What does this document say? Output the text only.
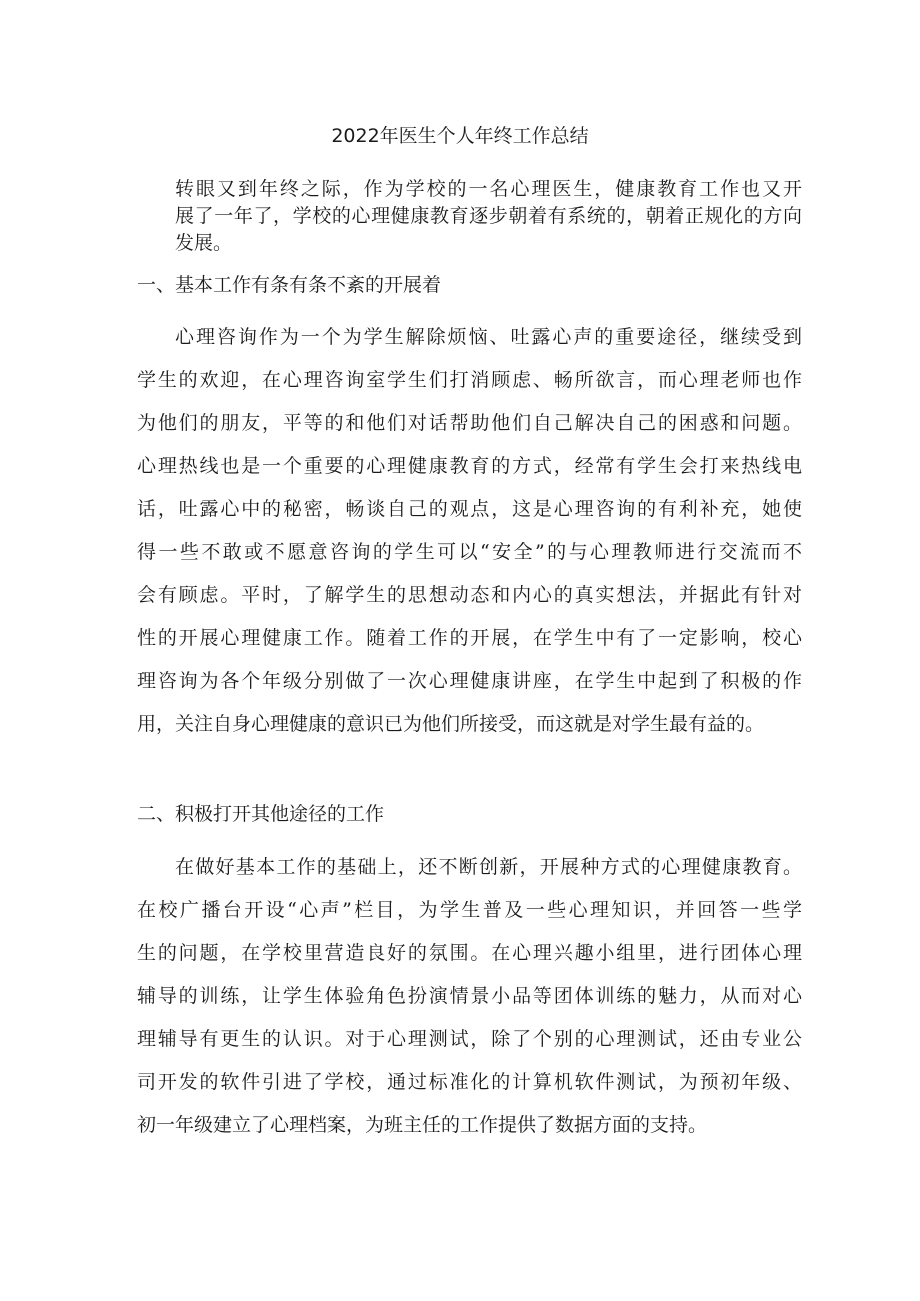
2022年医生个人年终工作总结
转眼又到年终之际，作为学校的一名心理医生，健康教育工作也又开
展了一年了，学校的心理健康教育逐步朝着有系统的，朝着正规化的方向
发展。
一、基本工作有条有条不紊的开展着
心理咨询作为一个为学生解除烦恼、吐露心声的重要途径，继续受到
学生的欢迎，在心理咨询室学生们打消顾虑、畅所欲言，而心理老师也作
为他们的朋友，平等的和他们对话帮助他们自己解决自己的困惑和问题。
心理热线也是一个重要的心理健康教育的方式，经常有学生会打来热线电
话，吐露心中的秘密，畅谈自己的观点，这是心理咨询的有利补充，她使
得一些不敢或不愿意咨询的学生可以“安全”的与心理教师进行交流而不
会有顾虑。平时，了解学生的思想动态和内心的真实想法，并据此有针对
性的开展心理健康工作。随着工作的开展，在学生中有了一定影响，校心
理咨询为各个年级分别做了一次心理健康讲座，在学生中起到了积极的作
用，关注自身心理健康的意识已为他们所接受，而这就是对学生最有益的。
二、积极打开其他途径的工作
在做好基本工作的基础上，还不断创新，开展种方式的心理健康教育。
在校广播台开设“心声”栏目，为学生普及一些心理知识，并回答一些学
生的问题，在学校里营造良好的氛围。在心理兴趣小组里，进行团体心理
辅导的训练，让学生体验角色扮演情景小品等团体训练的魅力，从而对心
理辅导有更生的认识。对于心理测试，除了个别的心理测试，还由专业公
司开发的软件引进了学校，通过标准化的计算机软件测试，为预初年级、
初一年级建立了心理档案，为班主任的工作提供了数据方面的支持。
